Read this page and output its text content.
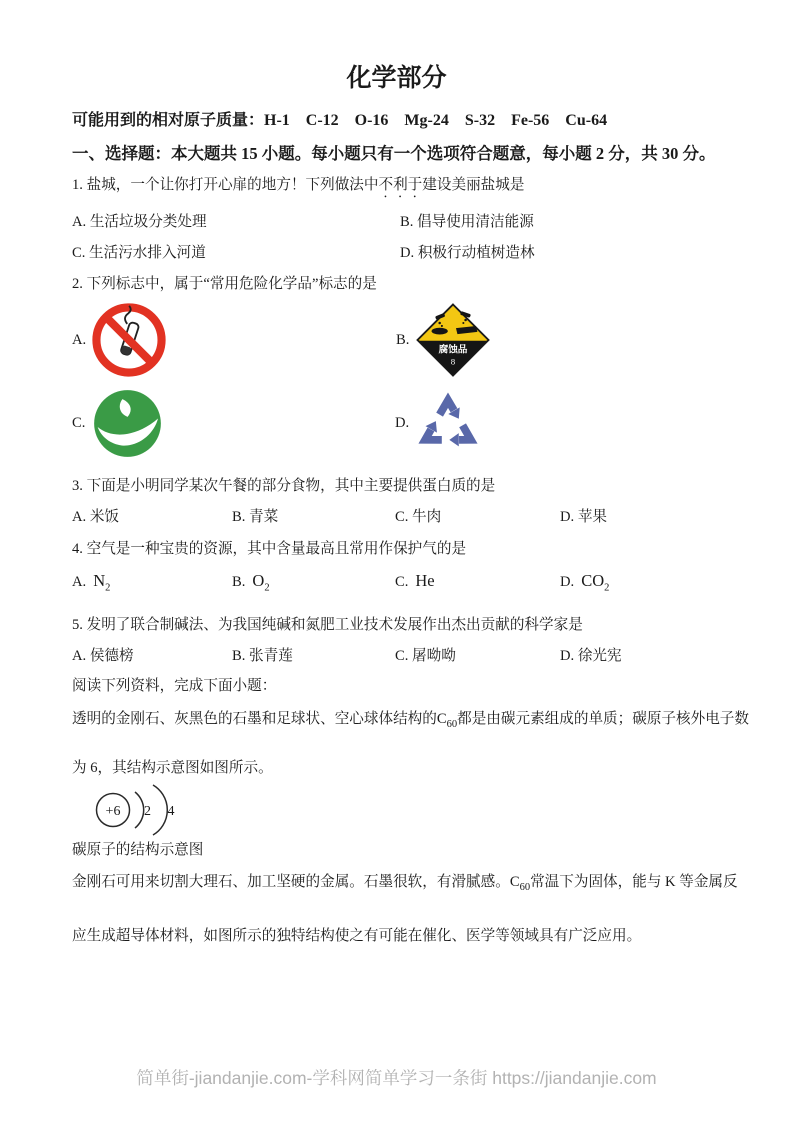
化学部分
可能用到的相对原子质量：H-1　C-12　O-16　Mg-24　S-32　Fe-56　Cu-64
一、选择题：本大题共 15 小题。每小题只有一个选项符合题意，每小题 2 分，共 30 分。
1. 盐城，一个让你打开心扉的地方！下列做法中不利于建设美丽盐城是
A. 生活垃圾分类处理	B. 倡导使用清洁能源
C. 生活污水排入河道	D. 积极行动植树造林
2. 下列标志中，属于“常用危险化学品”标志的是
A.	B.
腐蚀品
8
C.	D.
3. 下面是小明同学某次午餐的部分食物，其中主要提供蛋白质的是
A. 米饭	B. 青菜	C. 牛肉	D. 苹果
4. 空气是一种宝贵的资源，其中含量最高且常用作保护气的是
A. $N_2$	B. $O_2$	C. He	D. $CO_2$
5. 发明了联合制碱法、为我国纯碱和氮肥工业技术发展作出杰出贡献的科学家是
A. 侯德榜	B. 张青莲	C. 屠呦呦	D. 徐光宪
阅读下列资料，完成下面小题：
透明的金刚石、灰黑色的石墨和足球状、空心球体结构的$C_{60}$都是由碳元素组成的单质；碳原子核外电子数
为 6，其结构示意图如图所示。
+6 2 4
碳原子的结构示意图
金刚石可用来切割大理石、加工坚硬的金属。石墨很软，有滑腻感。$C_{60}$常温下为固体，能与 K 等金属反
应生成超导体材料，如图所示的独特结构使之有可能在催化、医学等领域具有广泛应用。
简单街-jiandanjie.com-学科网简单学习一条街 https://jiandanjie.com
